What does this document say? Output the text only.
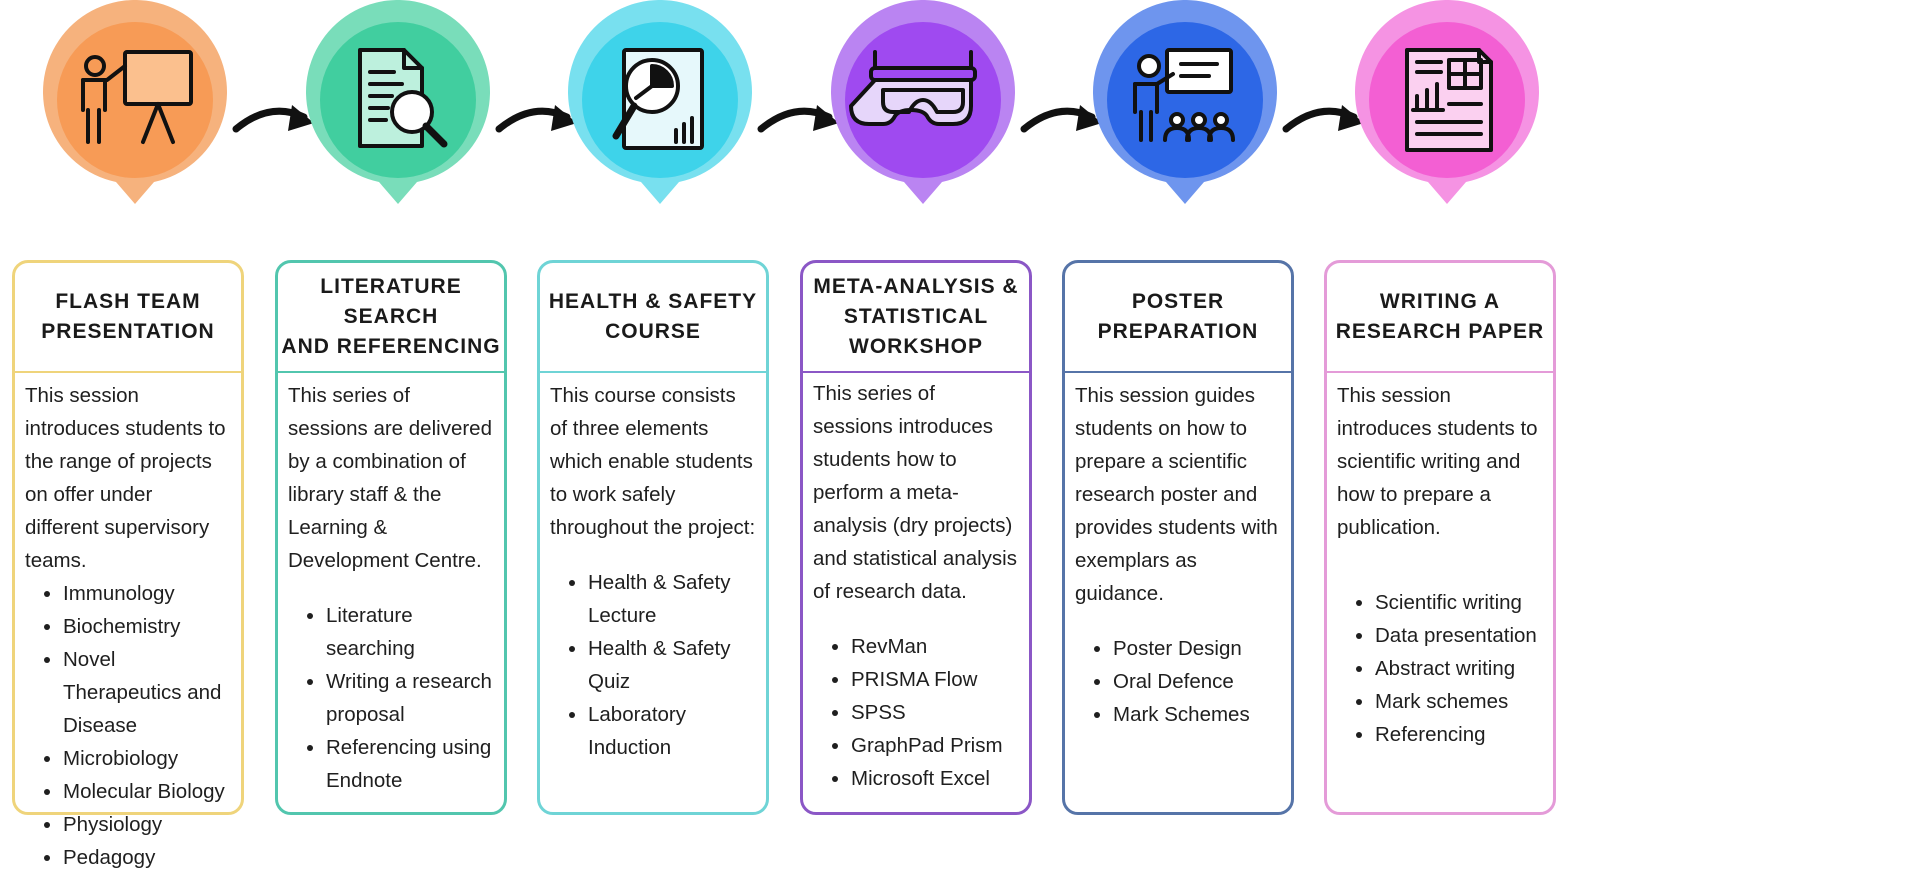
FLASH TEAM
PRESENTATION

This session introduces students to the range of projects on offer under different supervisory teams.

• Immunology
• Biochemistry
• Novel Therapeutics and Disease
• Microbiology
• Molecular Biology
• Physiology
• Pedagogy
LITERATURE SEARCH
AND REFERENCING

This series of sessions are delivered by a combination of library staff & the Learning & Development Centre.

• Literature searching
• Writing a research proposal
• Referencing using Endnote
HEALTH & SAFETY
COURSE

This course consists of three elements which enable students to work safely throughout the project:

• Health & Safety Lecture
• Health & Safety Quiz
• Laboratory Induction
META-ANALYSIS &
STATISTICAL
WORKSHOP

This series of sessions introduces students how to perform a meta-analysis (dry projects) and statistical analysis of research data.

• RevMan
• PRISMA Flow
• SPSS
• GraphPad Prism
• Microsoft Excel
POSTER
PREPARATION

This session guides students on how to prepare a scientific research poster and provides students with exemplars as guidance.

• Poster Design
• Oral Defence
• Mark Schemes
WRITING A
RESEARCH PAPER

This session introduces students to scientific writing and how to prepare a publication.

• Scientific writing
• Data presentation
• Abstract writing
• Mark schemes
• Referencing
